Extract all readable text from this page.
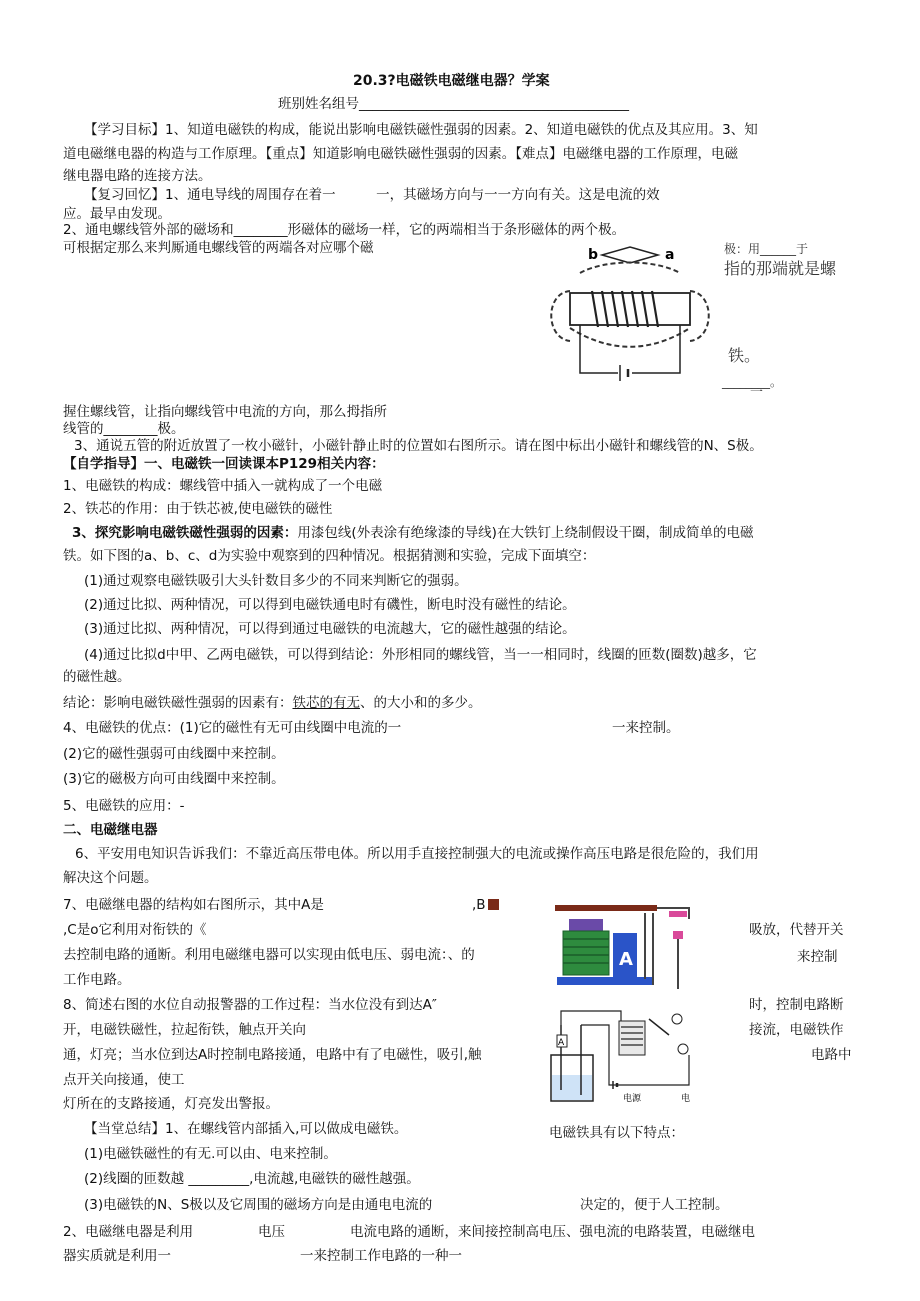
20.3?电磁铁电磁继电器？学案
班别姓名组号________________________________________
【学习目标】1、知道电磁铁的构成，能说出影响电磁铁磁性强弱的因素。2、知道电磁铁的优点及其应用。3、知
道电磁继电器的构造与工作原理。【重点】知道影响电磁铁磁性强弱的因素。【难点】电磁继电器的工作原理，电磁
继电器电路的连接方法。
【复习回忆】1、通电导线的周围存在着一　　　一，其磁场方向与一一方向有关。这是电流的效
应。最早由发现。
2、通电螺线管外部的磁场和________形磁体的磁场一样，它的两端相当于条形磁体的两个极。
可根据定那么来判厮通电螺线管的两端各对应哪个磁	b	a	极：用______于
指的那端就是螺
铁。
________。
一
握住螺线管，让指向螺线管中电流的方向，那么拇指所
线管的________极。
3、通说五管的附近放置了一枚小磁针，小磁针静止时的位置如右图所示。请在图中标出小磁针和螺线管的N、S极。
【自学指导】一、电磁铁一回读课本P129相关内容：
1、电磁铁的构成：螺线管中插入一就构成了一个电磁
2、铁芯的作用：由于铁芯被,使电磁铁的磁性
3、探究影响电磁铁磁性强弱的因素：用漆包线(外表涂有绝缘漆的导线)在大铁钉上绕制假设干圈，制成简单的电磁
铁。如下图的a、b、c、d为实验中观察到的四种情况。根据猜测和实验，完成下面填空：
(1)通过观察电磁铁吸引大头针数目多少的不同来判断它的强弱。
(2)通过比拟、两种情况，可以得到电磁铁通电时有磯性，断电时没有磁性的结论。
(3)通过比拟、两种情况，可以得到通过电磁铁的电流越大，它的磁性越强的结论。
(4)通过比拟d中甲、乙两电磁铁，可以得到结论：外形相同的螺线管，当一一相同时，线圈的匝数(圈数)越多，它
的磁性越。
结论：影响电磁铁磁性强弱的因素有：铁芯的有无、的大小和的多少。
4、电磁铁的优点：(1)它的磁性有无可由线圈中电流的一	一来控制。
(2)它的磁性强弱可由线圈中来控制。
(3)它的磁极方向可由线圈中来控制。
5、电磁铁的应用：-
二、电磁继电器
6、平安用电知识告诉我们：不靠近高压带电体。所以用手直接控制强大的电流或操作高压电路是很危险的，我们用
解决这个问题。
7、电磁继电器的结构如右图所示，其中A是	,B
,C是o它利用对衔铁的《	吸放，代替开关
去控制电路的通断。利用电磁继电器可以实现由低电压、弱电流：、的	来控制
工作电路。
A
8、简述右图的水位自动报警器的工作过程：当水位没有到达A″	时，控制电路断
开，电磁铁磁性，拉起衔铁，触点开关向	接流，电磁铁作
通，灯亮；当水位到达A时控制电路接通，电路中有了电磁性，吸引,触	电路中
点开关向接通，使工
A
电源	电
灯所在的支路接通，灯亮发出警报。
【当堂总结】1、在螺线管内部插入,可以做成电磁铁。	电磁铁具有以下特点：
(1)电磁铁磁性的有无.可以由、电来控制。
(2)线圈的匝数越 _________,电流越,电磁铁的磁性越强。
(3)电磁铁的N、S极以及它周围的磁场方向是由通电电流的	决定的，便于人工控制。
2、电磁继电器是利用	电压	电流电路的通断，来间接控制高电压、强电流的电路装置，电磁继电
器实质就是利用一	一来控制工作电路的一种一
